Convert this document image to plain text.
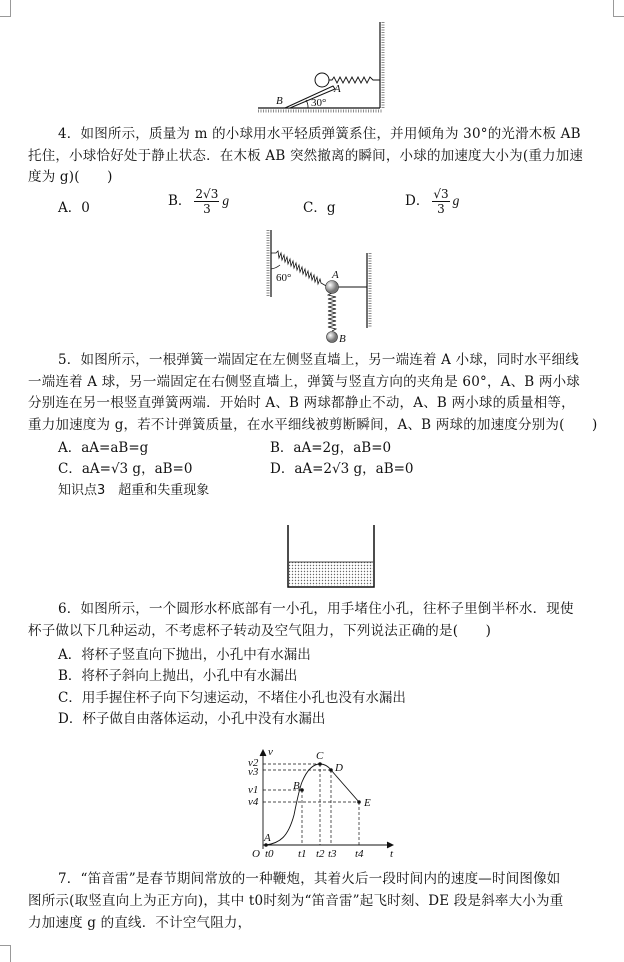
A
B	30°
4．如图所示，质量为 m 的小球用水平轻质弹簧系住，并用倾角为 30°的光滑木板 AB
托住，小球恰好处于静止状态．在木板 AB 突然撤离的瞬间，小球的加速度大小为(重力加速
度为 g)(　　)
A．0	B． $\frac{2√3}{3}$ g	C．g	D． $\frac{√3}{3}$ g
60°	A
B
5．如图所示，一根弹簧一端固定在左侧竖直墙上，另一端连着 A 小球，同时水平细线
一端连着 A 球，另一端固定在右侧竖直墙上，弹簧与竖直方向的夹角是 60°，A、B 两小球
分别连在另一根竖直弹簧两端．开始时 A、B 两球都静止不动，A、B 两小球的质量相等，
重力加速度为 g，若不计弹簧质量，在水平细线被剪断瞬间，A、B 两球的加速度分别为(　　)
A．aA=aB=g	B．aA=2g，aB=0
C．aA=√3 g，aB=0	D．aA=2√3 g，aB=0
知识点3　超重和失重现象
6．如图所示，一个圆形水杯底部有一小孔，用手堵住小孔，往杯子里倒半杯水．现使
杯子做以下几种运动，不考虑杯子转动及空气阻力，下列说法正确的是(　　)
A．将杯子竖直向下抛出，小孔中有水漏出
B．将杯子斜向上抛出，小孔中有水漏出
C．用手握住杯子向下匀速运动，不堵住小孔也没有水漏出
D．杯子做自由落体运动，小孔中没有水漏出
v
t
O
A
B
C
D
E
v2
v3
v1
v4
t0 t1 t2 t3 t4
7．“笛音雷”是春节期间常放的一种鞭炮，其着火后一段时间内的速度—时间图像如
图所示(取竖直向上为正方向)，其中 t0时刻为“笛音雷”起飞时刻、DE 段是斜率大小为重
力加速度 g 的直线．不计空气阻力，
